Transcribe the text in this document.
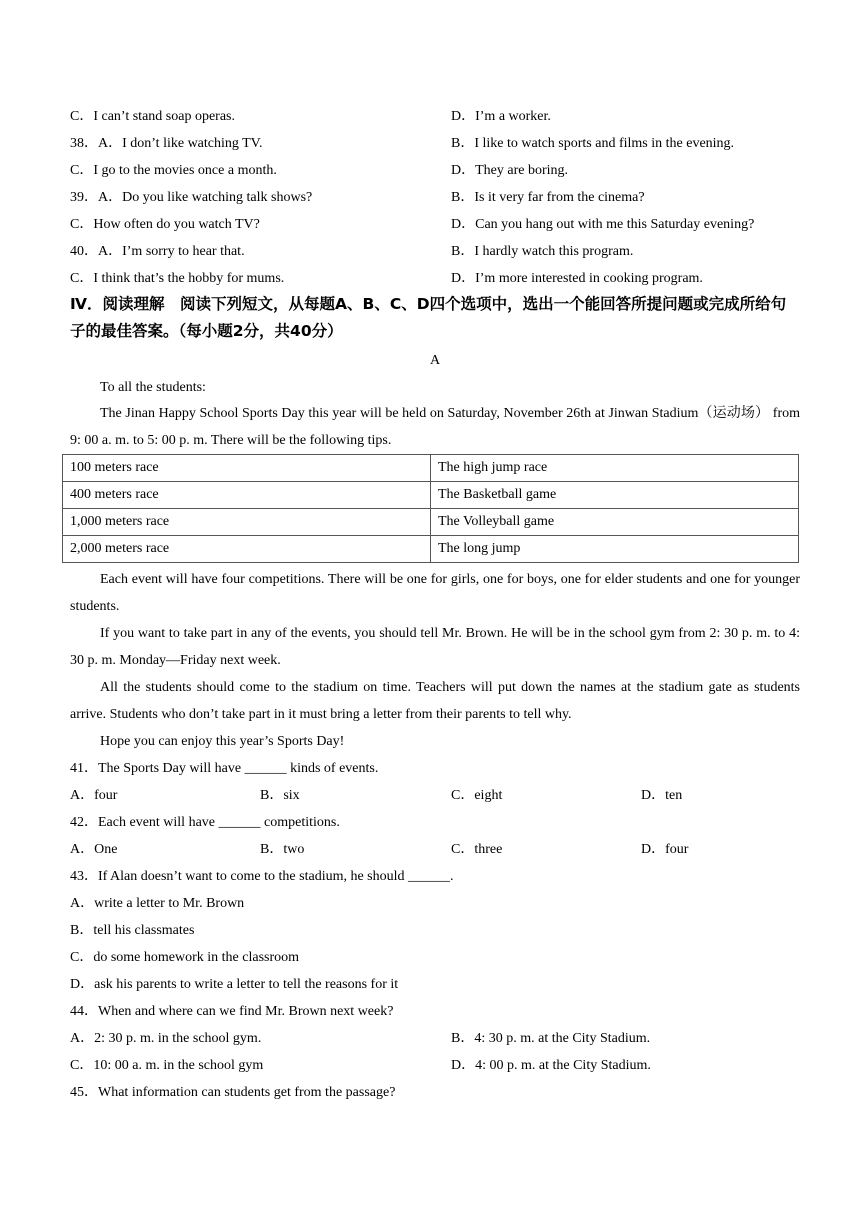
C．I can’t stand soap operas.	D．I’m a worker.
38．A．I don’t like watching TV.	B．I like to watch sports and films in the evening.
C．I go to the movies once a month.	D．They are boring.
39．A．Do you like watching talk shows?	B．Is it very far from the cinema?
C．How often do you watch TV?	D．Can you hang out with me this Saturday evening?
40．A．I’m sorry to hear that.	B．I hardly watch this program.
C．I think that’s the hobby for mums.	D．I’m more interested in cooking program.
Ⅳ．阅读理解　阅读下列短文，从每题A、B、C、D四个选项中，选出一个能回答所提问题或完成所给句子的最佳答案。（每小题2分，共40分）
A
To all the students:
The Jinan Happy School Sports Day this year will be held on Saturday, November 26th at Jinwan Stadium（运动场） from 9: 00 a. m. to 5: 00 p. m. There will be the following tips.
100 meters race	The high jump race
400 meters race	The Basketball game
1,000 meters race	The Volleyball game
2,000 meters race	The long jump
Each event will have four competitions. There will be one for girls, one for boys, one for elder students and one for younger students.
If you want to take part in any of the events, you should tell Mr. Brown. He will be in the school gym from 2: 30 p. m. to 4: 30 p. m. Monday—Friday next week.
All the students should come to the stadium on time. Teachers will put down the names at the stadium gate as students arrive. Students who don’t take part in it must bring a letter from their parents to tell why.
Hope you can enjoy this year’s Sports Day!
41．The Sports Day will have ______ kinds of events.
A．four	B．six	C．eight	D．ten
42．Each event will have ______ competitions.
A．One	B．two	C．three	D．four
43．If Alan doesn’t want to come to the stadium, he should ______.
A．write a letter to Mr. Brown
B．tell his classmates
C．do some homework in the classroom
D．ask his parents to write a letter to tell the reasons for it
44．When and where can we find Mr. Brown next week?
A．2: 30 p. m. in the school gym.	B．4: 30 p. m. at the City Stadium.
C．10: 00 a. m. in the school gym	D．4: 00 p. m. at the City Stadium.
45．What information can students get from the passage?
